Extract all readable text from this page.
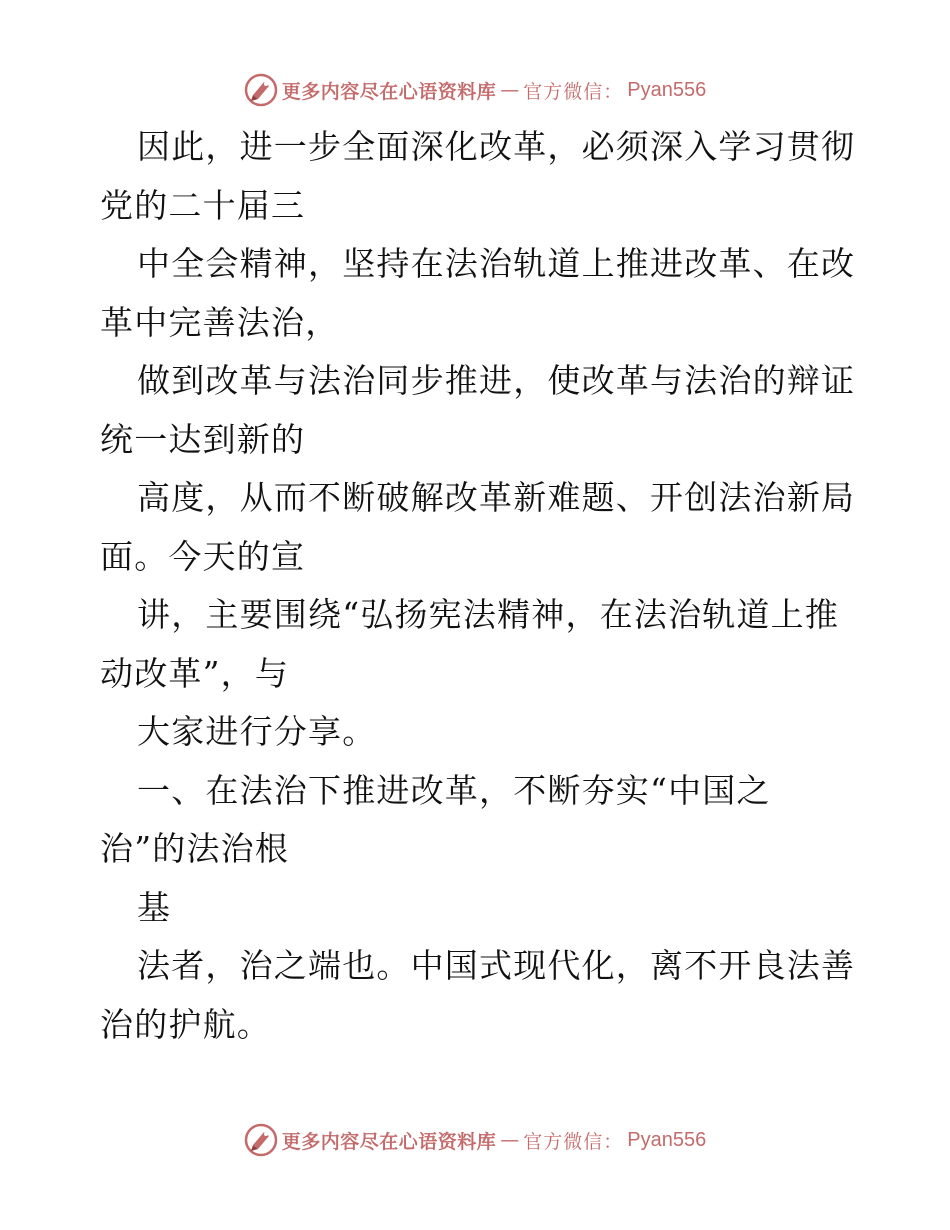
更多内容尽在心语资料库 — 官方微信： Pyan556
因此，进一步全面深化改革，必须深入学习贯彻
党的二十届三
中全会精神，坚持在法治轨道上推进改革、在改
革中完善法治，
做到改革与法治同步推进，使改革与法治的辩证
统一达到新的
高度，从而不断破解改革新难题、开创法治新局
面。今天的宣
讲，主要围绕“弘扬宪法精神，在法治轨道上推
动改革”，与
大家进行分享。
一、在法治下推进改革，不断夯实“中国之
治”的法治根
基
法者，治之端也。中国式现代化，离不开良法善
治的护航。
更多内容尽在心语资料库 — 官方微信： Pyan556
